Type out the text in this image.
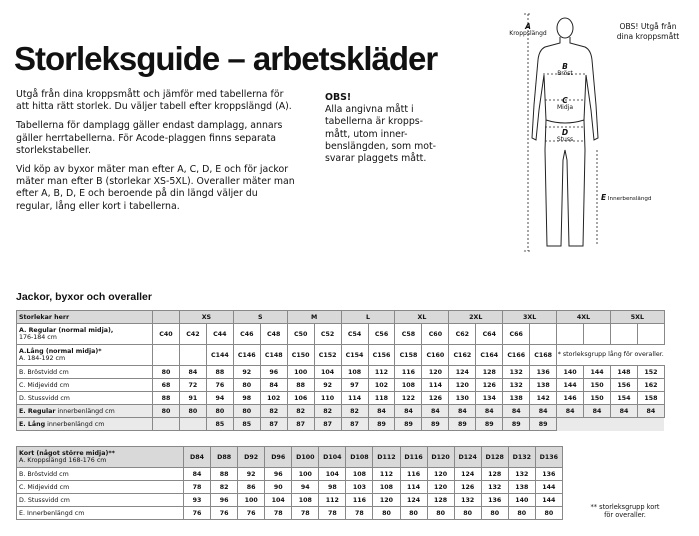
Storleksguide – arbetskläder

Utgå från dina kroppsmått och jämför med tabellerna för att hitta rätt storlek. Du väljer tabell efter kroppslängd (A).

Tabellerna för damplagg gäller endast damplagg, annars gäller herrtabellerna. För Acode-plaggen finns separata storlekstabeller.

Vid köp av byxor mäter man efter A, C, D, E och för jackor mäter man efter B (storlekar XS-5XL). Overaller mäter man efter A, B, D, E och beroende på din längd väljer du regular, lång eller kort i tabellerna.

OBS!
Alla angivna mått i tabellerna är kropps-mått, utom inner-benslängden, som mot-svarar plaggets mått.
OBS! Utgå från dina kroppsmått
A
Kroppslängd
B
Bröst
C
Midja
D
Stuss
E Innerbenslängd
Jackor, byxor och overaller
Storlekar herr		XS		S		M		L		XL		2XL		3XL		4XL		5XL	
A. Regular (normal midja),
176-184 cm	C40	C42	C44	C46	C48	C50	C52	C54	C56	C58	C60	C62	C64	C66					
A.Lång (normal midja)*
A. 184-192 cm			C144	C146	C148	C150	C152	C154	C156	C158	C160	C162	C164	C166	C168	* storleksgrupp lång för overaller.			
B. Bröstvidd cm	80	84	88	92	96	100	104	108	112	116	120	124	128	132	136	140	144	148	152
C. Midjevidd cm	68	72	76	80	84	88	92	97	102	108	114	120	126	132	138	144	150	156	162
D. Stussvidd cm	88	91	94	98	102	106	110	114	118	122	126	130	134	138	142	146	150	154	158
E. Regular innerbenlängd cm	80	80	80	80	82	82	82	82	84	84	84	84	84	84	84	84	84	84	84
E. Lång innerbenlängd cm			85	85	87	87	87	87	89	89	89	89	89	89	89				
Kort (något större midja)**
A. Kroppslängd 168-176 cm	D84	D88	D92	D96	D100	D104	D108	D112	D116	D120	D124	D128	D132	D136
B. Bröstvidd cm	84	88	92	96	100	104	108	112	116	120	124	128	132	136
C. Midjevidd cm	78	82	86	90	94	98	103	108	114	120	126	132	138	144
D. Stussvidd cm	93	96	100	104	108	112	116	120	124	128	132	136	140	144
E. Innerbenlängd cm	76	76	76	78	78	78	78	80	80	80	80	80	80	80
** storleksgrupp kort för overaller.
